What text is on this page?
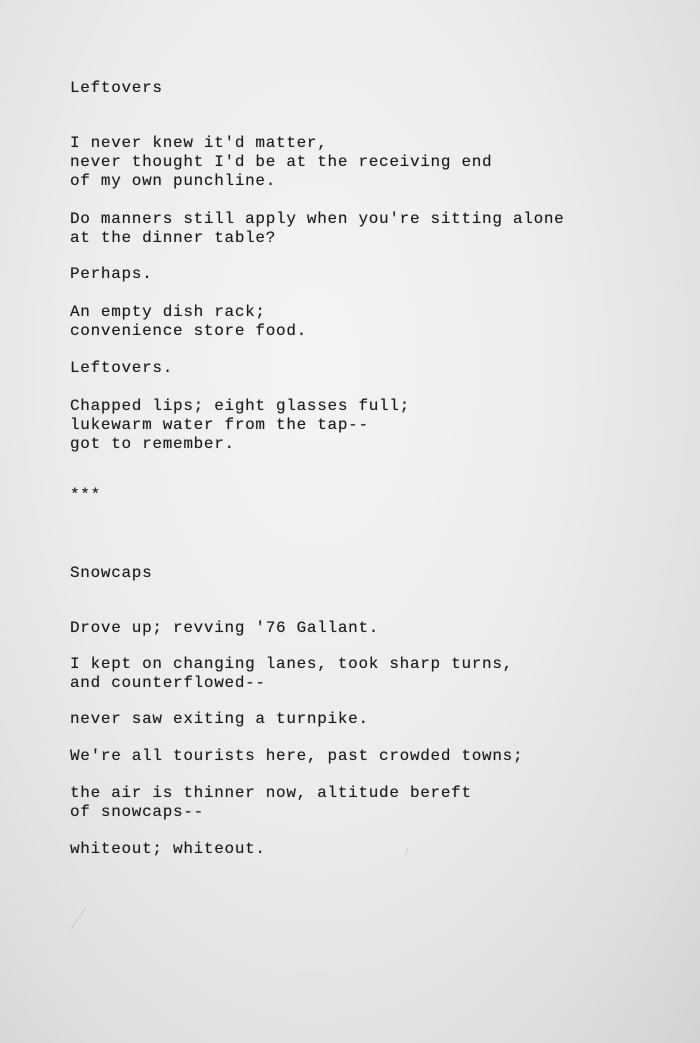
Leftovers

I never knew it'd matter,
never thought I'd be at the receiving end
of my own punchline.

Do manners still apply when you're sitting alone
at the dinner table?

Perhaps.

An empty dish rack;
convenience store food.

Leftovers.

Chapped lips; eight glasses full;
lukewarm water from the tap--
got to remember.

***

Snowcaps

Drove up; revving '76 Gallant.

I kept on changing lanes, took sharp turns,
and counterflowed--

never saw exiting a turnpike.

We're all tourists here, past crowded towns;

the air is thinner now, altitude bereft
of snowcaps--

whiteout; whiteout.
